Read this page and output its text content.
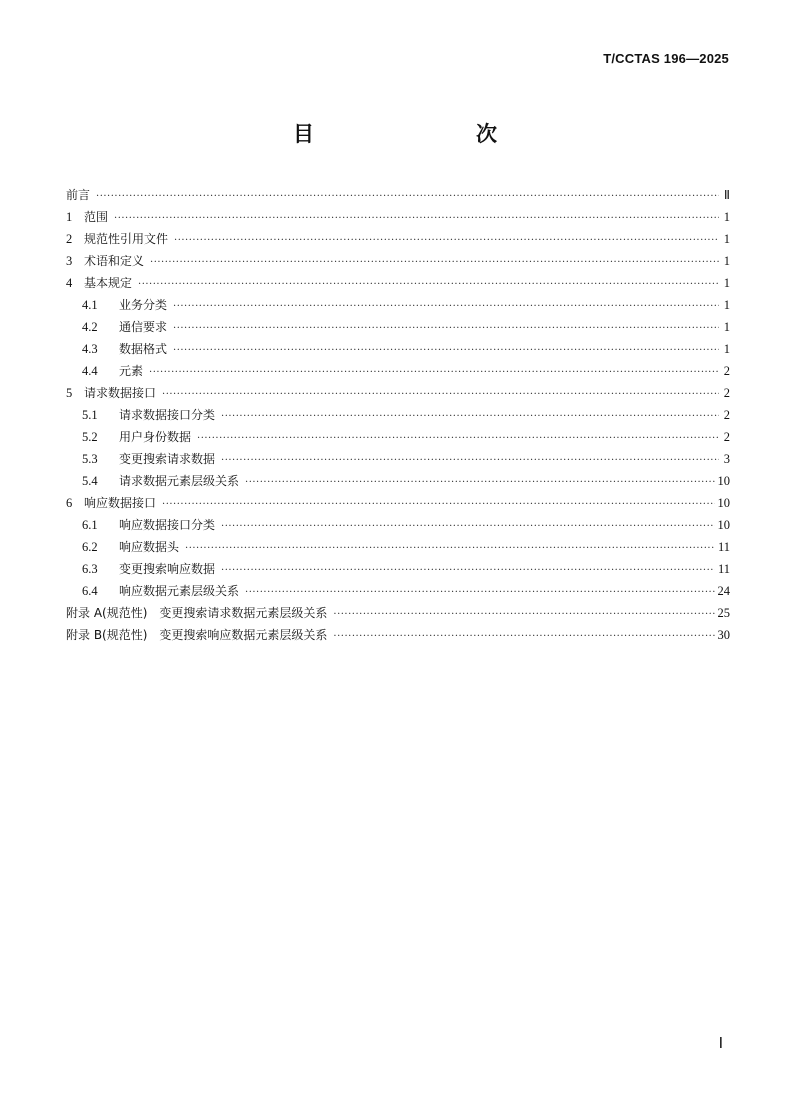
T/CCTAS 196—2025
目　　次
前言 ·····	Ⅱ
1 范围 ·····	1
2 规范性引用文件 ·····	1
3 术语和定义 ·····	1
4 基本规定 ·····	1
4.1	业务分类 ·····	1
4.2	通信要求 ·····	1
4.3	数据格式 ·····	1
4.4	元素 ·····	2
5 请求数据接口 ·····	2
5.1	请求数据接口分类 ·····	2
5.2	用户身份数据 ·····	2
5.3	变更搜索请求数据 ·····	3
5.4	请求数据元素层级关系 ·····	10
6 响应数据接口 ·····	10
6.1	响应数据接口分类 ·····	10
6.2	响应数据头 ·····	11
6.3	变更搜索响应数据 ·····	11
6.4	响应数据元素层级关系 ·····	24
附录 A(规范性)　变更搜索请求数据元素层级关系 ·····	25
附录 B(规范性)　变更搜索响应数据元素层级关系 ·····	30
Ⅰ
